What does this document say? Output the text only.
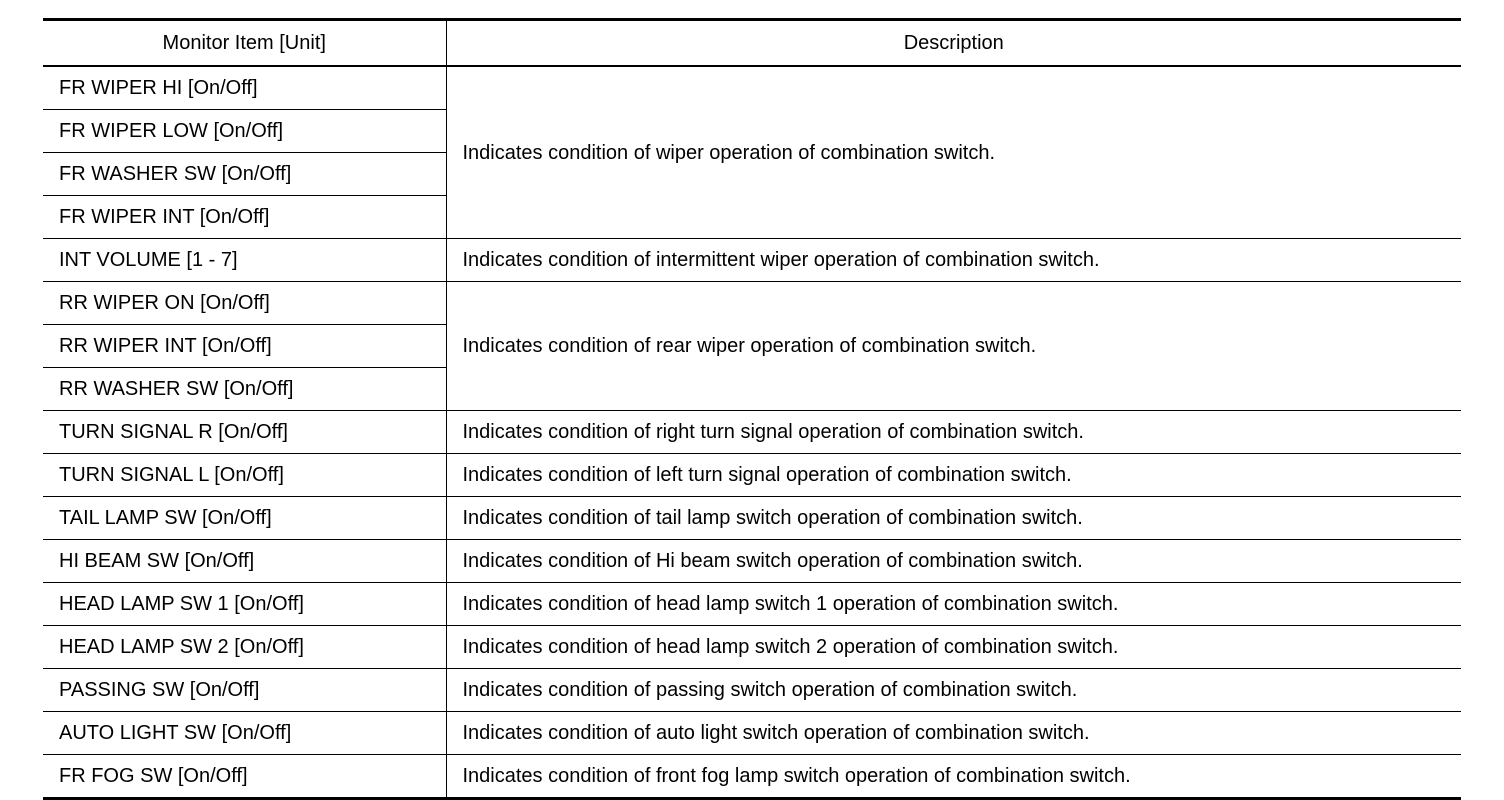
Monitor Item [Unit]	Description
FR WIPER HI [On/Off]	Indicates condition of wiper operation of combination switch.
FR WIPER LOW [On/Off]	
FR WASHER SW [On/Off]	
FR WIPER INT [On/Off]	
INT VOLUME [1 - 7]	Indicates condition of intermittent wiper operation of combination switch.
RR WIPER ON [On/Off]	Indicates condition of rear wiper operation of combination switch.
RR WIPER INT [On/Off]	
RR WASHER SW [On/Off]	
TURN SIGNAL R [On/Off]	Indicates condition of right turn signal operation of combination switch.
TURN SIGNAL L [On/Off]	Indicates condition of left turn signal operation of combination switch.
TAIL LAMP SW [On/Off]	Indicates condition of tail lamp switch operation of combination switch.
HI BEAM SW [On/Off]	Indicates condition of Hi beam switch operation of combination switch.
HEAD LAMP SW 1 [On/Off]	Indicates condition of head lamp switch 1 operation of combination switch.
HEAD LAMP SW 2 [On/Off]	Indicates condition of head lamp switch 2 operation of combination switch.
PASSING SW [On/Off]	Indicates condition of passing switch operation of combination switch.
AUTO LIGHT SW [On/Off]	Indicates condition of auto light switch operation of combination switch.
FR FOG SW [On/Off]	Indicates condition of front fog lamp switch operation of combination switch.
